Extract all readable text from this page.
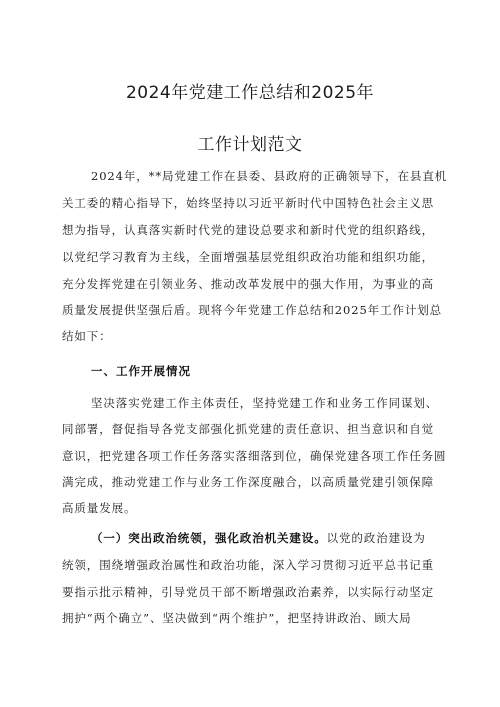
2024年党建工作总结和2025年
工作计划范文
2024年，**局党建工作在县委、县政府的正确领导下，在县直机
关工委的精心指导下，始终坚持以习近平新时代中国特色社会主义思
想为指导，认真落实新时代党的建设总要求和新时代党的组织路线，
以党纪学习教育为主线，全面增强基层党组织政治功能和组织功能，
充分发挥党建在引领业务、推动改革发展中的强大作用，为事业的高
质量发展提供坚强后盾。现将今年党建工作总结和2025年工作计划总
结如下：
一、工作开展情况
坚决落实党建工作主体责任，坚持党建工作和业务工作同谋划、
同部署，督促指导各党支部强化抓党建的责任意识、担当意识和自觉
意识，把党建各项工作任务落实落细落到位，确保党建各项工作任务圆
满完成，推动党建工作与业务工作深度融合，以高质量党建引领保障
高质量发展。
（一）突出政治统领，强化政治机关建设。以党的政治建设为
统领，围绕增强政治属性和政治功能，深入学习贯彻习近平总书记重
要指示批示精神，引导党员干部不断增强政治素养，以实际行动坚定
拥护“两个确立”、坚决做到“两个维护”，把坚持讲政治、顾大局
